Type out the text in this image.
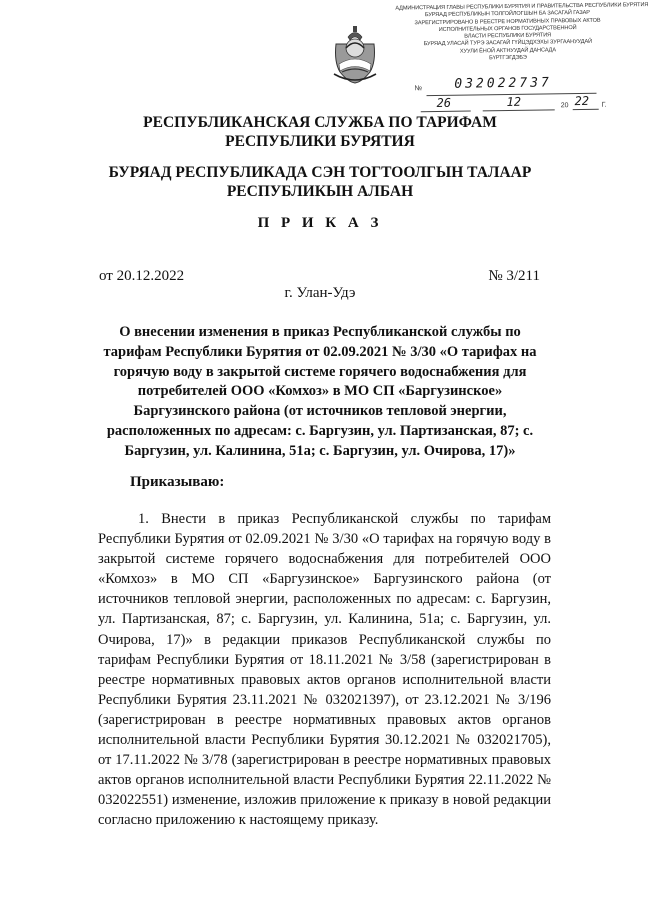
АДМИНИСТРАЦИЯ ГЛАВЫ РЕСПУБЛИКИ БУРЯТИЯ И ПРАВИТЕЛЬСТВА РЕСПУБЛИКИ БУРЯТИЯ
БУРЯАД РЕСПУБЛИКЫН ТОЛГОЙЛОГШЫН БА ЗАСАГАЙ ГАЗАР
ЗАРЕГИСТРИРОВАНО В РЕЕСТРЕ НОРМАТИВНЫХ ПРАВОВЫХ АКТОВ
ИСПОЛНИТЕЛЬНЫХ ОРГАНОВ ГОСУДАРСТВЕННОЙ
ВЛАСТИ РЕСПУБЛИКИ БУРЯТИЯ
БУРЯАД УЛАСАЙ ТУРЭ ЗАСАГАЙ ГҮЙЦЭДХЭХЫ ЗУРГААНУУДАЙ
ХУУЛИ ЁНОЙ АКТНУУДАЙ ДАНСАДА
БҮРТГЭГДЭБЭ
№ 032022737
26	12	20 22 Г.
РЕСПУБЛИКАНСКАЯ СЛУЖБА ПО ТАРИФАМ РЕСПУБЛИКИ БУРЯТИЯ
БУРЯАД РЕСПУБЛИКАДА СЭН ТОГТООЛГЫН ТАЛААР РЕСПУБЛИКЫН АЛБАН
П Р И К А З
от 20.12.2022	№ 3/211
г. Улан-Удэ

О внесении изменения в приказ Республиканской службы по тарифам Республики Бурятия от 02.09.2021 № 3/30 «О тарифах на горячую воду в закрытой системе горячего водоснабжения для потребителей ООО «Комхоз» в МО СП «Баргузинское» Баргузинского района (от источников тепловой энергии, расположенных по адресам: с. Баргузин, ул. Партизанская, 87; с. Баргузин, ул. Калинина, 51а; с. Баргузин, ул. Очирова, 17)»

Приказываю:

1. Внести в приказ Республиканской службы по тарифам Республики Бурятия от 02.09.2021 № 3/30 «О тарифах на горячую воду в закрытой системе горячего водоснабжения для потребителей ООО «Комхоз» в МО СП «Баргузинское» Баргузинского района (от источников тепловой энергии, расположенных по адресам: с. Баргузин, ул. Партизанская, 87; с. Баргузин, ул. Калинина, 51а; с. Баргузин, ул. Очирова, 17)» в редакции приказов Республиканской службы по тарифам Республики Бурятия от 18.11.2021 № 3/58 (зарегистрирован в реестре нормативных правовых актов органов исполнительной власти Республики Бурятия 23.11.2021 № 032021397), от 23.12.2021 № 3/196 (зарегистрирован в реестре нормативных правовых актов органов исполнительной власти Республики Бурятия 30.12.2021 № 032021705), от 17.11.2022 № 3/78 (зарегистрирован в реестре нормативных правовых актов органов исполнительной власти Республики Бурятия 22.11.2022 № 032022551) изменение, изложив приложение к приказу в новой редакции согласно приложению к настоящему приказу.
